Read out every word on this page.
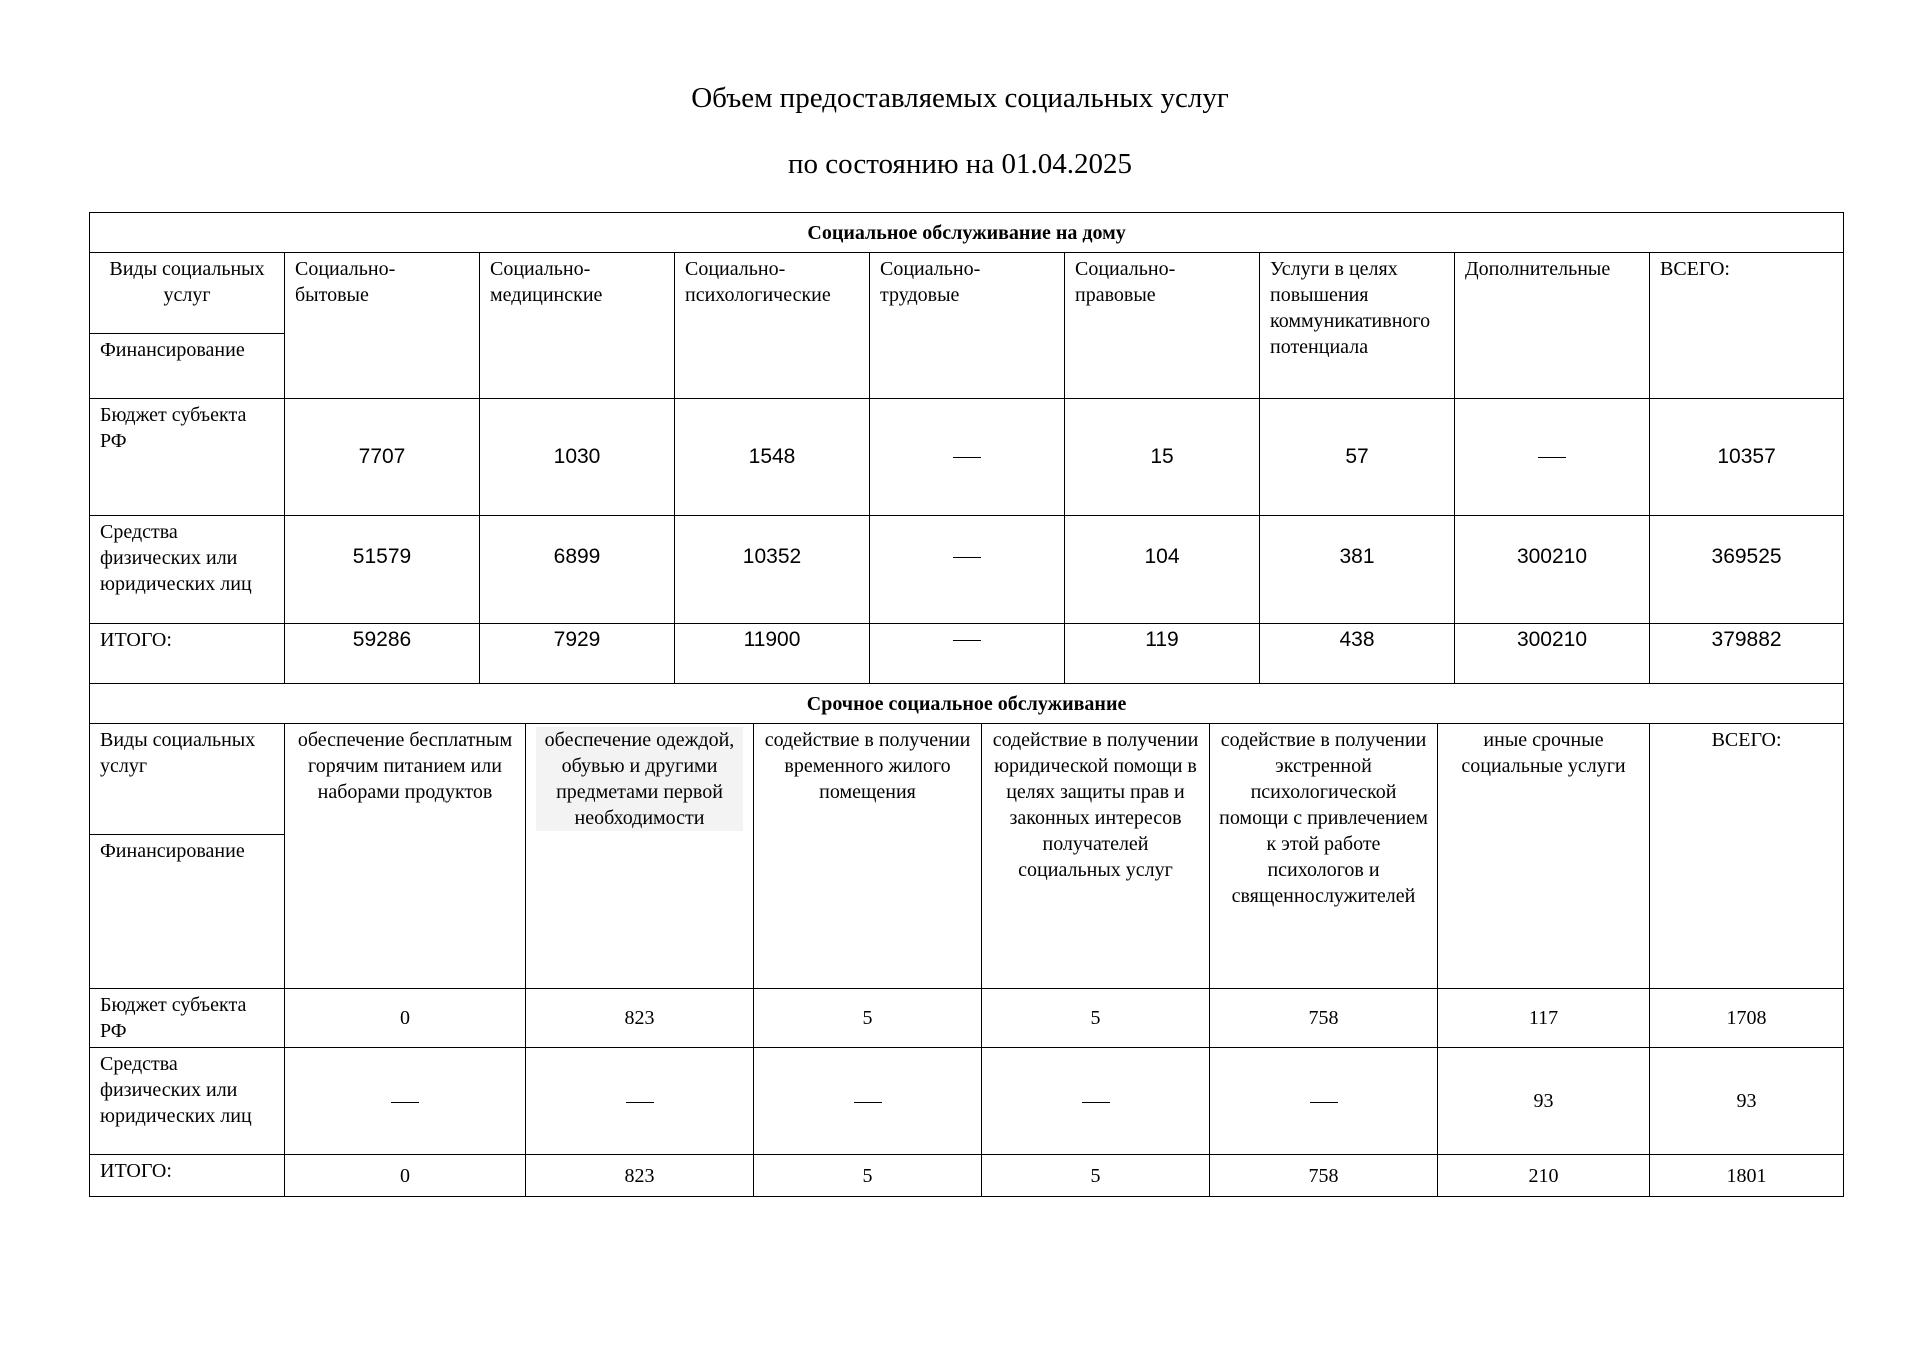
Объем предоставляемых социальных услуг
по состоянию на 01.04.2025
Социальное обслуживание на дому								

Виды социальных услуг
Финансирование	Социально-бытовые	Социально-медицинские	Социально-психологические	Социально-трудовые	Социально-правовые	Услуги в целях повышения коммуникативного потенциала	Дополнительные	ВСЕГО:
Бюджет субъекта РФ	7707	1030	1548		15	57		10357
Средства физических или юридических лиц	51579	6899	10352		104	381	300210	369525
ИТОГО:	59286	7929	11900		119	438	300210	379882
Срочное социальное обслуживание							

Виды социальных услуг
Финансирование	обеспечение бесплатным горячим питанием или наборами продуктов	обеспечение одеждой, обувью и другими предметами первой необходимости	содействие в получении временного жилого помещения	содействие в получении юридической помощи в целях защиты прав и законных интересов получателей социальных услуг	содействие в получении экстренной психологической помощи с привлечением к этой работе психологов и священнослужителей	иные срочные социальные услуги	ВСЕГО:
Бюджет субъекта РФ	0	823	5	5	758	117	1708
Средства физических или юридических лиц						93	93
ИТОГО:	0	823	5	5	758	210	1801
